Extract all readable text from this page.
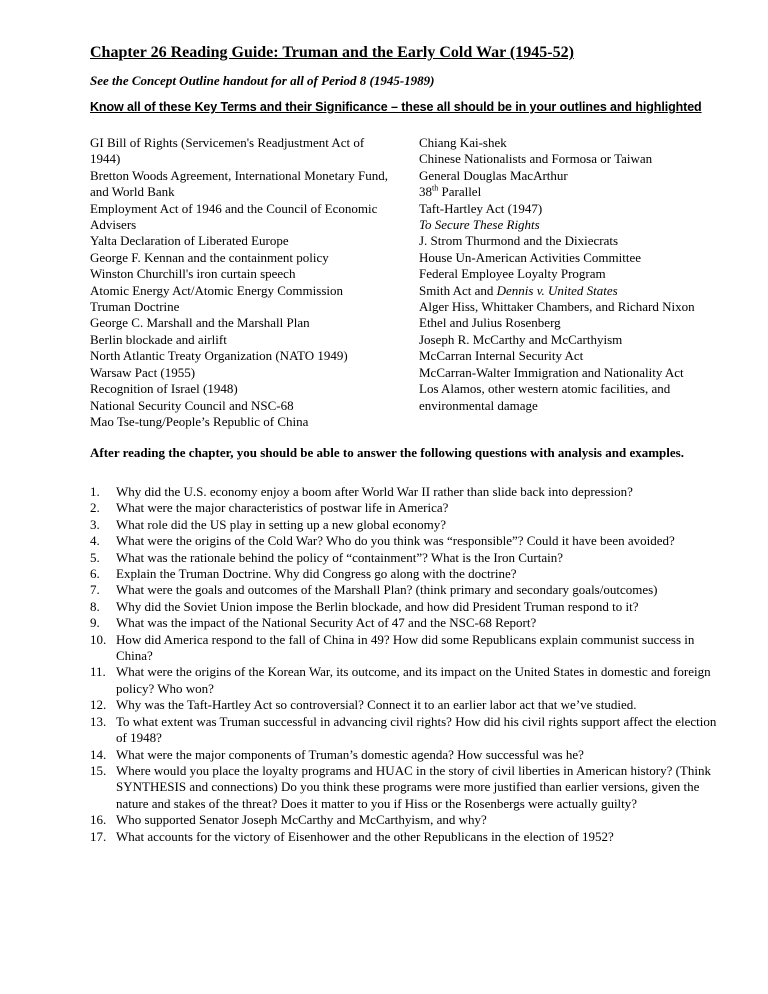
Chapter 26 Reading Guide: Truman and the Early Cold War (1945-52)
See the Concept Outline handout for all of Period 8 (1945-1989)
Know all of these Key Terms and their Significance – these all should be in your outlines and highlighted

GI Bill of Rights (Servicemen's Readjustment Act of 1944)

Bretton Woods Agreement, International Monetary Fund, and World Bank

Employment Act of 1946 and the Council of Economic Advisers

Yalta Declaration of Liberated Europe

George F. Kennan and the containment policy

Winston Churchill's iron curtain speech

Atomic Energy Act/Atomic Energy Commission

Truman Doctrine

George C. Marshall and the Marshall Plan

Berlin blockade and airlift

North Atlantic Treaty Organization (NATO 1949)

Warsaw Pact (1955)

Recognition of Israel (1948)

National Security Council and NSC-68

Mao Tse-tung/People’s Republic of China

Chiang Kai-shek

Chinese Nationalists and Formosa or Taiwan

General Douglas MacArthur

38th Parallel

Taft-Hartley Act (1947)

To Secure These Rights

J. Strom Thurmond and the Dixiecrats

House Un-American Activities Committee

Federal Employee Loyalty Program

Smith Act and Dennis v. United States

Alger Hiss, Whittaker Chambers, and Richard Nixon

Ethel and Julius Rosenberg

Joseph R. McCarthy and McCarthyism

McCarran Internal Security Act

McCarran-Walter Immigration and Nationality Act

Los Alamos, other western atomic facilities, and environmental damage

After reading the chapter, you should be able to answer the following questions with analysis and examples.
1. Why did the U.S. economy enjoy a boom after World War II rather than slide back into depression?
2. What were the major characteristics of postwar life in America?
3. What role did the US play in setting up a new global economy?
4. What were the origins of the Cold War? Who do you think was “responsible”? Could it have been avoided?
5. What was the rationale behind the policy of “containment”? What is the Iron Curtain?
6. Explain the Truman Doctrine. Why did Congress go along with the doctrine?
7. What were the goals and outcomes of the Marshall Plan? (think primary and secondary goals/outcomes)
8. Why did the Soviet Union impose the Berlin blockade, and how did President Truman respond to it?
9. What was the impact of the National Security Act of 47 and the NSC-68 Report?
10. How did America respond to the fall of China in 49? How did some Republicans explain communist success in China?
11. What were the origins of the Korean War, its outcome, and its impact on the United States in domestic and foreign policy? Who won?
12. Why was the Taft-Hartley Act so controversial? Connect it to an earlier labor act that we’ve studied.
13. To what extent was Truman successful in advancing civil rights? How did his civil rights support affect the election of 1948?
14. What were the major components of Truman’s domestic agenda? How successful was he?
15. Where would you place the loyalty programs and HUAC in the story of civil liberties in American history? (Think SYNTHESIS and connections) Do you think these programs were more justified than earlier versions, given the nature and stakes of the threat? Does it matter to you if Hiss or the Rosenbergs were actually guilty?
16. Who supported Senator Joseph McCarthy and McCarthyism, and why?
17. What accounts for the victory of Eisenhower and the other Republicans in the election of 1952?
